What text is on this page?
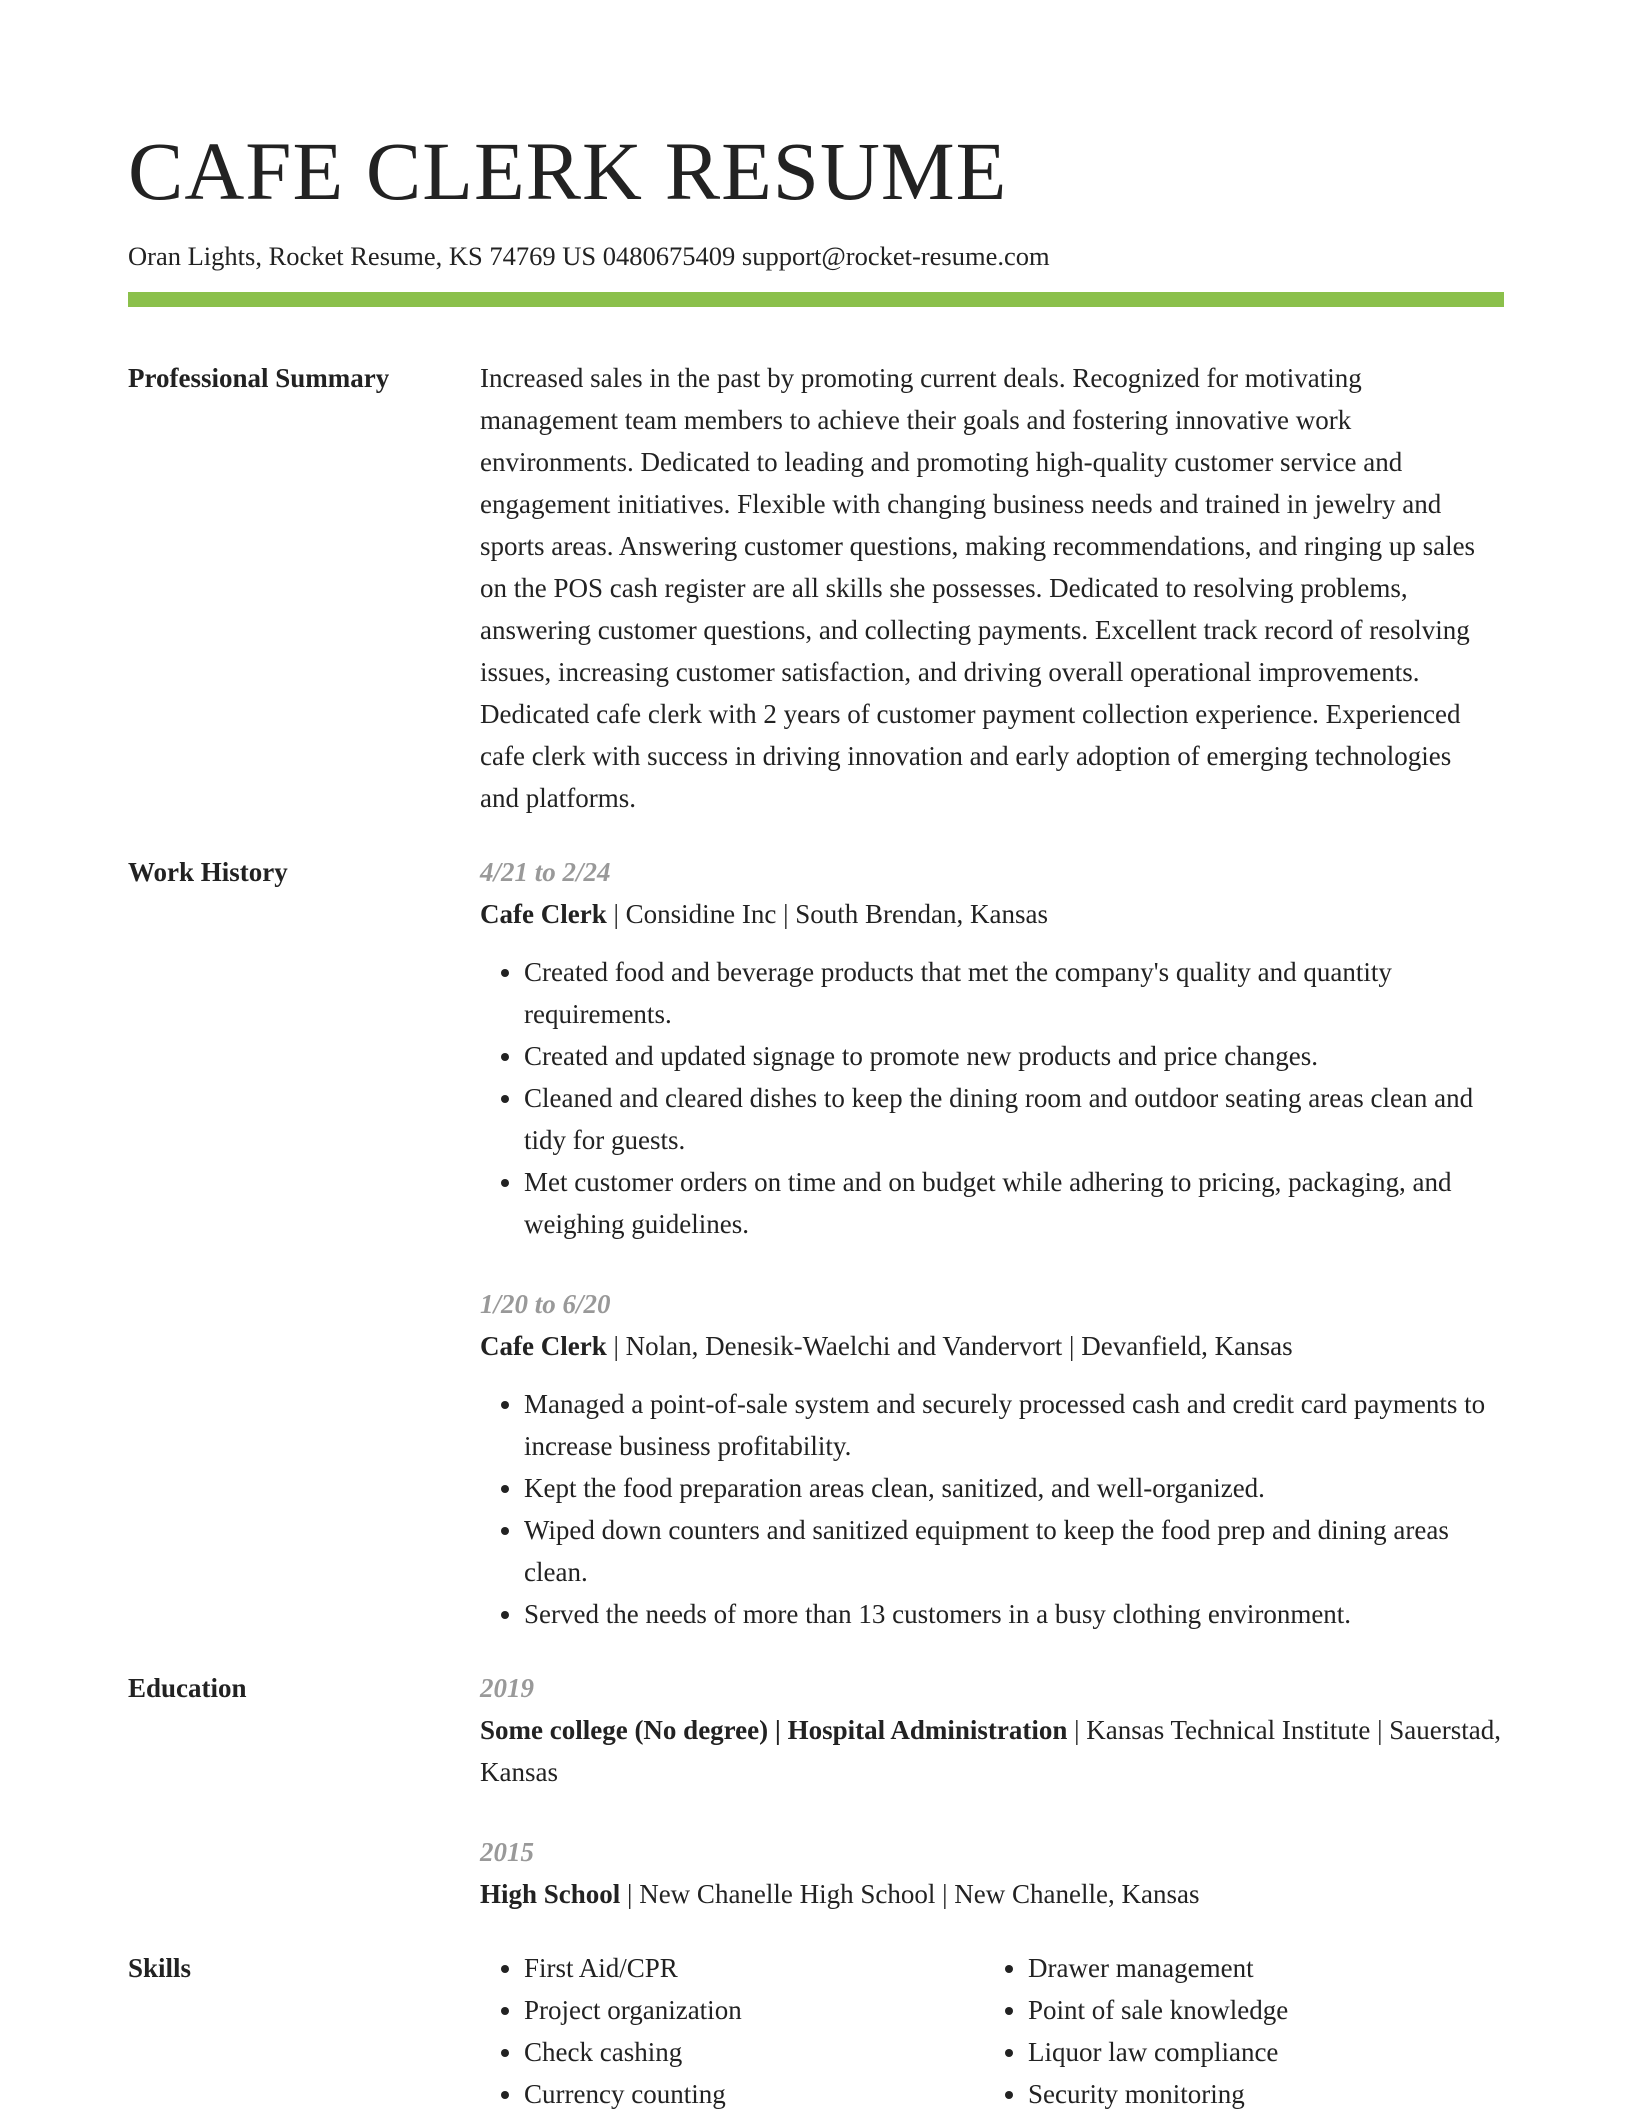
CAFE CLERK RESUME
Oran Lights, Rocket Resume, KS 74769 US 0480675409 support@rocket-resume.com
Professional Summary	Increased sales in the past by promoting current deals. Recognized for motivating management team members to achieve their goals and fostering innovative work environments. Dedicated to leading and promoting high-quality customer service and engagement initiatives. Flexible with changing business needs and trained in jewelry and sports areas. Answering customer questions, making recommendations, and ringing up sales on the POS cash register are all skills she possesses. Dedicated to resolving problems, answering customer questions, and collecting payments. Excellent track record of resolving issues, increasing customer satisfaction, and driving overall operational improvements. Dedicated cafe clerk with 2 years of customer payment collection experience. Experienced cafe clerk with success in driving innovation and early adoption of emerging technologies and platforms.
Work History	4/21 to 2/24
Cafe Clerk | Considine Inc | South Brendan, Kansas
• Created food and beverage products that met the company's quality and quantity requirements.
• Created and updated signage to promote new products and price changes.
• Cleaned and cleared dishes to keep the dining room and outdoor seating areas clean and tidy for guests.
• Met customer orders on time and on budget while adhering to pricing, packaging, and weighing guidelines.
1/20 to 6/20
Cafe Clerk | Nolan, Denesik-Waelchi and Vandervort | Devanfield, Kansas
• Managed a point-of-sale system and securely processed cash and credit card payments to increase business profitability.
• Kept the food preparation areas clean, sanitized, and well-organized.
• Wiped down counters and sanitized equipment to keep the food prep and dining areas clean.
• Served the needs of more than 13 customers in a busy clothing environment.
Education	2019
Some college (No degree) | Hospital Administration | Kansas Technical Institute | Sauerstad, Kansas
2015
High School | New Chanelle High School | New Chanelle, Kansas
Skills
•	First Aid/CPR
• Project organization
• Check cashing
• Currency counting
• Drawer management
• Point of sale knowledge
• Liquor law compliance
• Security monitoring
